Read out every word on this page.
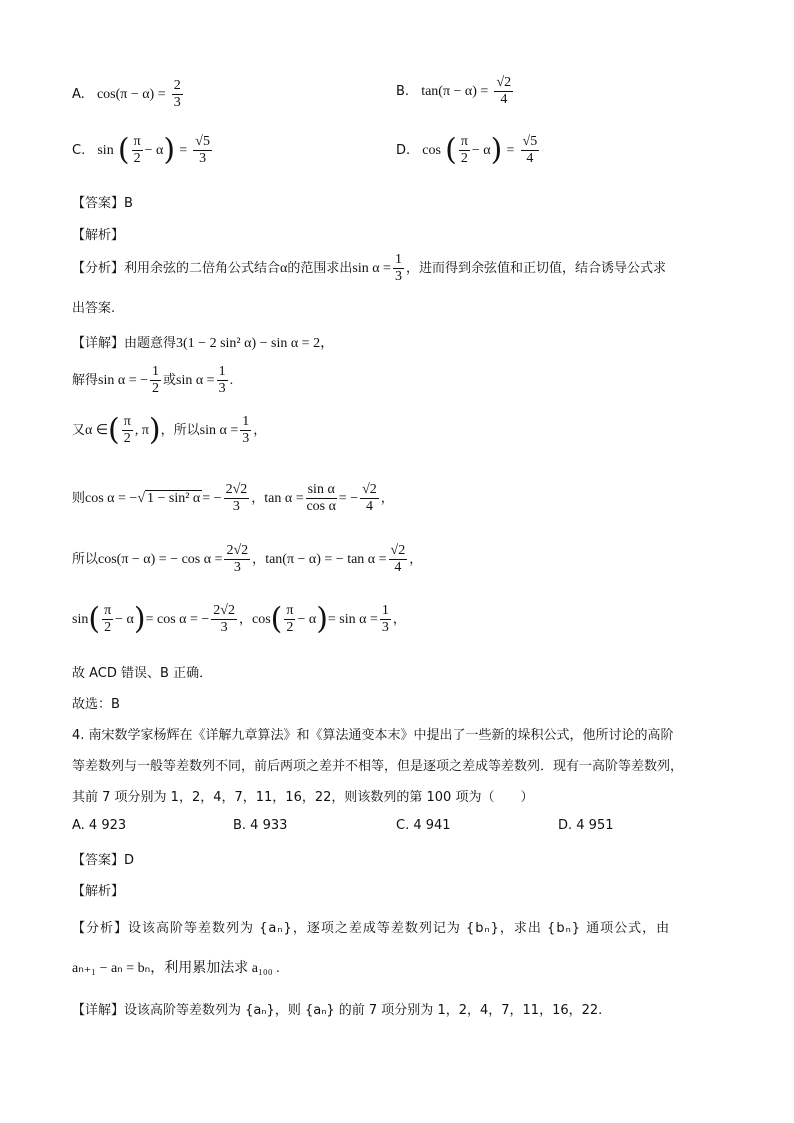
A. $\cos(\pi - \alpha) = \frac{2}{3}$	B. $\tan(\pi - \alpha) = \frac{√2}{4}$
C. sin ( $\frac{\pi}{2} - \alpha) = \frac{√5}{3}$	D. cos ( $\frac{\pi}{2} - \alpha) = \frac{√5}{4}$
【答案】B
【解析】
【分析】利用余弦的二倍角公式结合α的范围求出$\sin \alpha = \frac{1}{3}$ ，进而得到余弦值和正切值，结合诱导公式求
出答案.
【详解】由题意得3(1 − 2 sin² α) − sin α = 2，
解得sin α = − $\frac{1}{2}$ 或$\sin \alpha = \frac{1}{3}$ .
又α ∈( $\frac{\pi}{2}$ , π)，所以$\sin \alpha = \frac{1}{3}$ ，
则cos α = −√ 1 − sin² α = − $\frac{2√2}{3}$ ，$\tan \alpha = \frac{\text{sin α}}{\text{cos α}}$ = − $\frac{√2}{4}$ ，
所以cos(π − α) = − $\cos \alpha = \frac{2√2}{3}$ ，tan(π − α) = − $\tan \alpha = \frac{√2}{4}$ ，
$\sin( \frac{\pi}{2} - \alpha)= \cos \alpha$ = − $\frac{2√2}{3}$ ，$\cos( \frac{\pi}{2} - \alpha)= \sin \alpha = \frac{1}{3}$ ，
故 ACD 错误、B 正确．
故选：B
4. 南宋数学家杨辉在《详解九章算法》和《算法通变本末》中提出了一些新的垛积公式，他所讨论的高阶
等差数列与一般等差数列不同，前后两项之差并不相等，但是逐项之差成等差数列．现有一高阶等差数列，
其前 7 项分别为 1，2，4，7，11，16，22，则该数列的第 100 项为（　　）
A. 4 923	B. 4 933	C. 4 941	D. 4 951
【答案】D
【解析】
【分析】设该高阶等差数列为 {aₙ}，逐项之差成等差数列记为 {bₙ}，求出 {bₙ} 通项公式，由
aₙ₊₁ − aₙ = bₙ，利用累加法求 a₁₀₀ .
【详解】设该高阶等差数列为 {aₙ}，则 {aₙ} 的前 7 项分别为 1，2，4，7，11，16，22.
